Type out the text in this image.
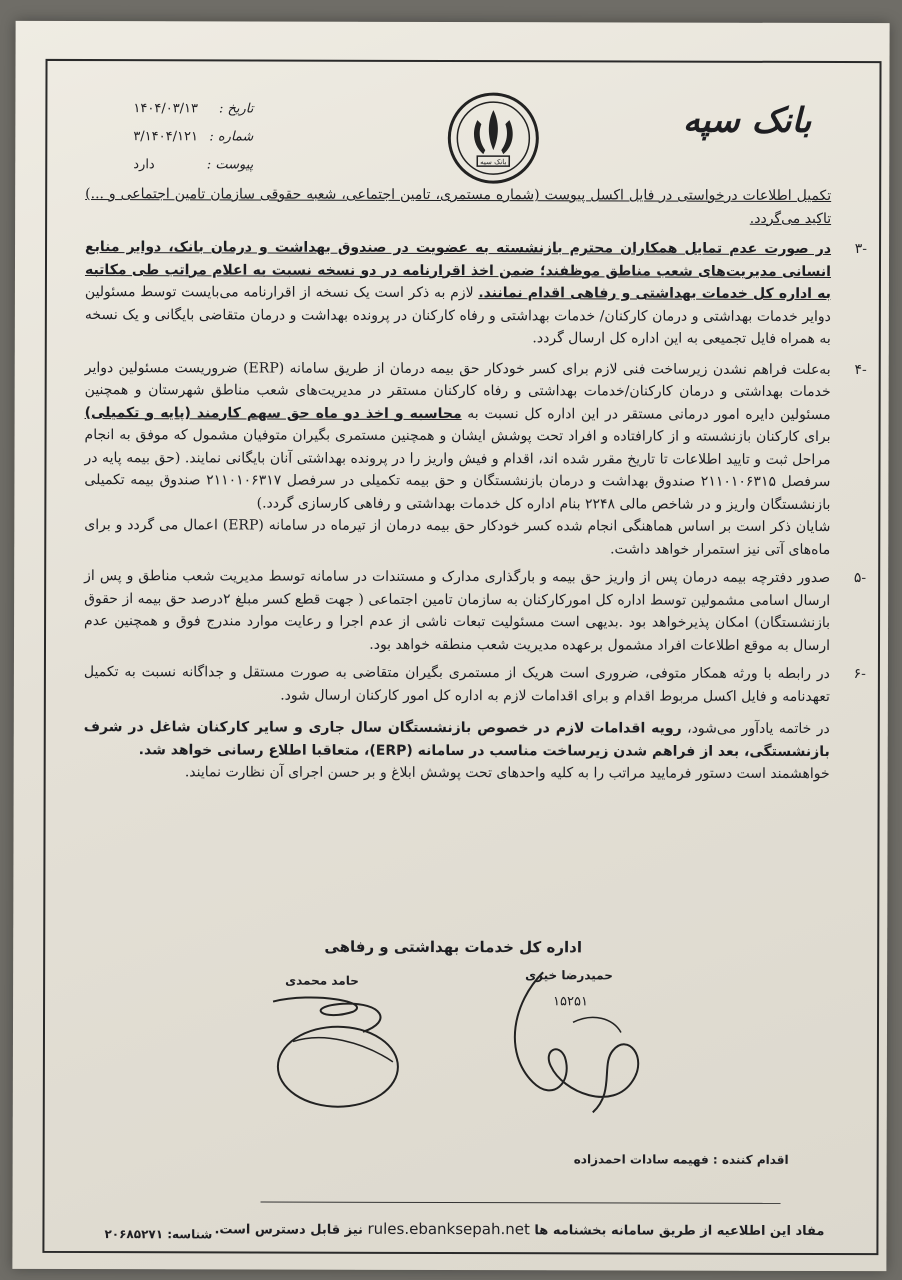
بانک سپه
بانک سپه
تاریخ :
۱۴۰۴/۰۳/۱۳
شماره :
۳/۱۴۰۴/۱۲۱
پیوست :
دارد

تکمیل اطلاعات درخواستی در فایل اکسل پیوست (شماره مستمری، تامین اجتماعی، شعبه حقوقی سازمان تامین اجتماعی و ...) تاکید می‌گردد.

-۳
در صورت عدم تمایل همکاران محترم بازنشسته به عضویت در صندوق بهداشت و درمان بانک، دوایر منابع انسانی مدیریت‌های شعب مناطق موظفند؛ ضمن اخذ اقرارنامه در دو نسخه نسبت به اعلام مراتب طی مکاتبه به اداره کل خدمات بهداشتی و رفاهی اقدام نمانند. لازم به ذکر است یک نسخه از اقرارنامه می‌بایست توسط مسئولین دوایر خدمات بهداشتی و درمان کارکنان/ خدمات بهداشتی و رفاه کارکنان در پرونده بهداشت و درمان متقاضی بایگانی و یک نسخه به همراه فایل تجمیعی به این اداره کل ارسال گردد.

-۴
به‌علت فراهم نشدن زیرساخت فنی لازم برای کسر خودکار حق بیمه درمان از طریق سامانه (ERP) ضروریست مسئولین دوایر خدمات بهداشتی و درمان کارکنان/خدمات بهداشتی و رفاه کارکنان مستقر در مدیریت‌های شعب مناطق شهرستان و همچنین مسئولین دایره امور درمانی مستقر در این اداره کل نسبت به محاسبه و اخذ دو ماه حق سهم کارمند (پایه و تکمیلی) برای کارکنان بازنشسته و از کارافتاده و افراد تحت پوشش ایشان و همچنین مستمری بگیران متوفیان مشمول که موفق به انجام مراحل ثبت و تایید اطلاعات تا تاریخ مقرر شده اند، اقدام و فیش واریز را در پرونده بهداشتی آنان بایگانی نمایند. (حق بیمه پایه در سرفصل ۲۱۱۰۱۰۶۳۱۵ صندوق بهداشت و درمان بازنشستگان و حق بیمه تکمیلی در سرفصل ۲۱۱۰۱۰۶۳۱۷ صندوق بیمه تکمیلی بازنشستگان واریز و در شاخص مالی ۲۲۴۸ بنام اداره کل خدمات بهداشتی و رفاهی کارسازی گردد.)

شایان ذکر است بر اساس هماهنگی انجام شده کسر خودکار حق بیمه درمان از تیرماه در سامانه (ERP) اعمال می گردد و برای ماه‌های آتی نیز استمرار خواهد داشت.

-۵
صدور دفترچه بیمه درمان پس از واریز حق بیمه و بارگذاری مدارک و مستندات در سامانه توسط مدیریت شعب مناطق و پس از ارسال اسامی مشمولین توسط اداره کل امورکارکنان به سازمان تامین اجتماعی ( جهت قطع کسر مبلغ ۲درصد حق بیمه از حقوق بازنشستگان) امکان پذیرخواهد بود .بدیهی است مسئولیت تبعات ناشی از عدم اجرا و رعایت موارد مندرج فوق و همچنین عدم ارسال به موقع اطلاعات افراد مشمول برعهده مدیریت شعب منطقه خواهد بود.

-۶
در رابطه با ورثه همکار متوفی، ضروری است هریک از مستمری بگیران متقاضی به صورت مستقل و جداگانه نسبت به تکمیل تعهدنامه و فایل اکسل مربوط اقدام و برای اقدامات لازم به اداره کل امور کارکنان ارسال شود.

در خاتمه یادآور می‌شود، رویه اقدامات لازم در خصوص بازنشستگان سال جاری و سایر کارکنان شاغل در شرف بازنشستگی، بعد از فراهم شدن زیرساخت مناسب در سامانه (ERP)، متعاقبا اطلاع رسانی خواهد شد.

خواهشمند است دستور فرمایید مراتب را به کلیه واحدهای تحت پوشش ابلاغ و بر حسن اجرای آن نظارت نمایند.

اداره کل خدمات بهداشتی و رفاهی
حمیدرضا خیری
۱۵۲۵۱
حامد محمدی
اقدام کننده : فهیمه سادات احمدزاده
مفاد این اطلاعیه از طریق سامانه بخشنامه ها rules.ebanksepah.net نیز قابل دسترس است.
شناسه: ۲۰۶۸۵۲۷۱
